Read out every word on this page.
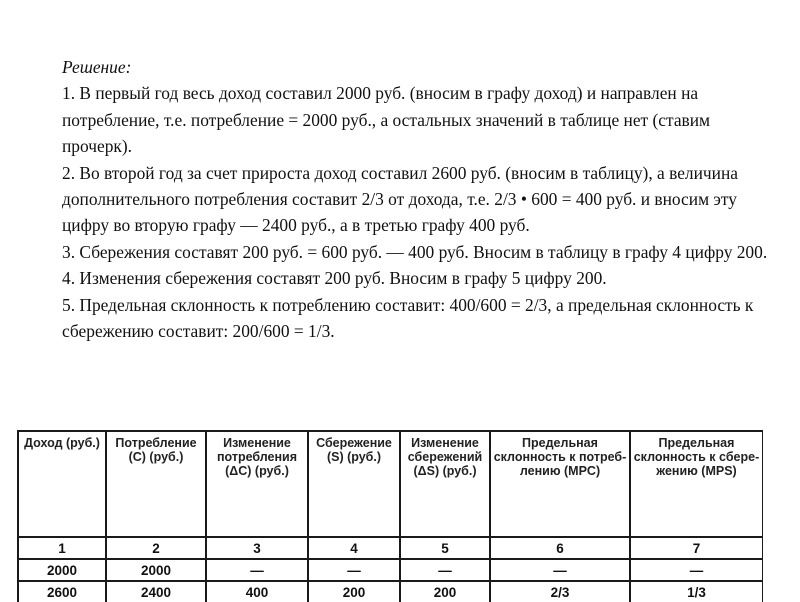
Решение:

1. В первый год весь доход составил 2000 руб. (вносим в графу доход) и направлен на потребление, т.е. потребление = 2000 руб., а остальных значений в таблице нет (ставим прочерк).

2. Во второй год за счет прироста доход составил 2600 руб. (вносим в таблицу), а величина дополнительного потребления составит 2/3 от дохода, т.е. 2/3 • 600 = 400 руб. и вносим эту цифру во вторую графу — 2400 руб., а в третью графу 400 руб.

3. Сбережения составят 200 руб. = 600 руб. — 400 руб. Вносим в таблицу в графу 4 цифру 200.

4. Изменения сбережения составят 200 руб. Вносим в графу 5 цифру 200.

5. Предельная склонность к потреблению составит: 400/600 = 2/3, а предельная склонность к сбережению составит: 200/600 = 1/3.

Доход (руб.)	Потребление (С) (руб.)	Изменение потребления (ΔС) (руб.)	Сбережение (S) (руб.)	Изменение сбережений (ΔS) (руб.)	Предельная склонность к потреблению (MPC)	Предельная склонность к сбережению (MPS)
1	2	3	4	5	6	7
2000	2000	—	—	—	—	—
2600	2400	400	200	200	2/3	1/3
